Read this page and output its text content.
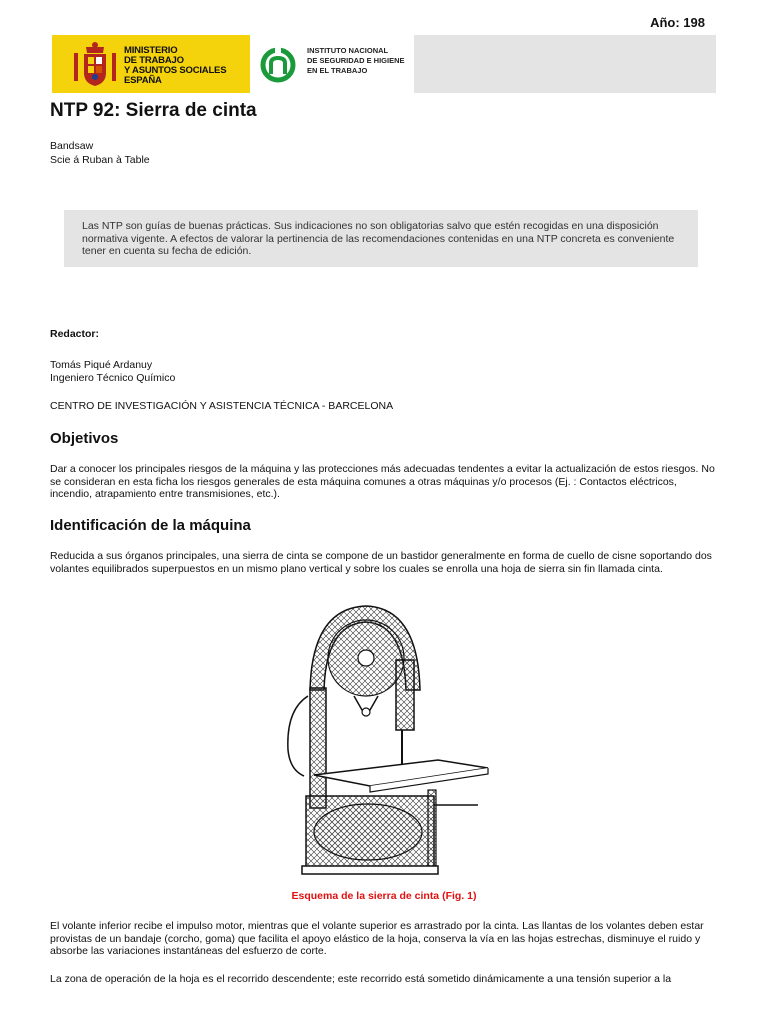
Año: 198
MINISTERIO
DE TRABAJO
Y ASUNTOS SOCIALES
ESPAÑA
INSTITUTO NACIONAL
DE SEGURIDAD E HIGIENE
EN EL TRABAJO
NTP 92: Sierra de cinta
Bandsaw
Scie á Ruban à Table

Las NTP son guías de buenas prácticas. Sus indicaciones no son obligatorias salvo que estén recogidas en una disposición normativa vigente. A efectos de valorar la pertinencia de las recomendaciones contenidas en una NTP concreta es conveniente tener en cuenta su fecha de edición.

Redactor:
Tomás Piqué Ardanuy
Ingeniero Técnico Químico
CENTRO DE INVESTIGACIÓN Y ASISTENCIA TÉCNICA - BARCELONA
Objetivos
Dar a conocer los principales riesgos de la máquina y las protecciones más adecuadas tendentes a evitar la actualización de estos riesgos. No se consideran en esta ficha los riesgos generales de esta máquina comunes a otras máquinas y/o procesos (Ej. : Contactos eléctricos, incendio, atrapamiento entre transmisiones, etc.).
Identificación de la máquina
Reducida a sus órganos principales, una sierra de cinta se compone de un bastidor generalmente en forma de cuello de cisne soportando dos volantes equilibrados superpuestos en un mismo plano vertical y sobre los cuales se enrolla una hoja de sierra sin fin llamada cinta.
Esquema de la sierra de cinta (Fig. 1)
El volante inferior recibe el impulso motor, mientras que el volante superior es arrastrado por la cinta. Las llantas de los volantes deben estar provistas de un bandaje (corcho, goma) que facilita el apoyo elástico de la hoja, conserva la vía en las hojas estrechas, disminuye el ruido y absorbe las variaciones instantáneas del esfuerzo de corte.
La zona de operación de la hoja es el recorrido descendente; este recorrido está sometido dinámicamente a una tensión superior a la
